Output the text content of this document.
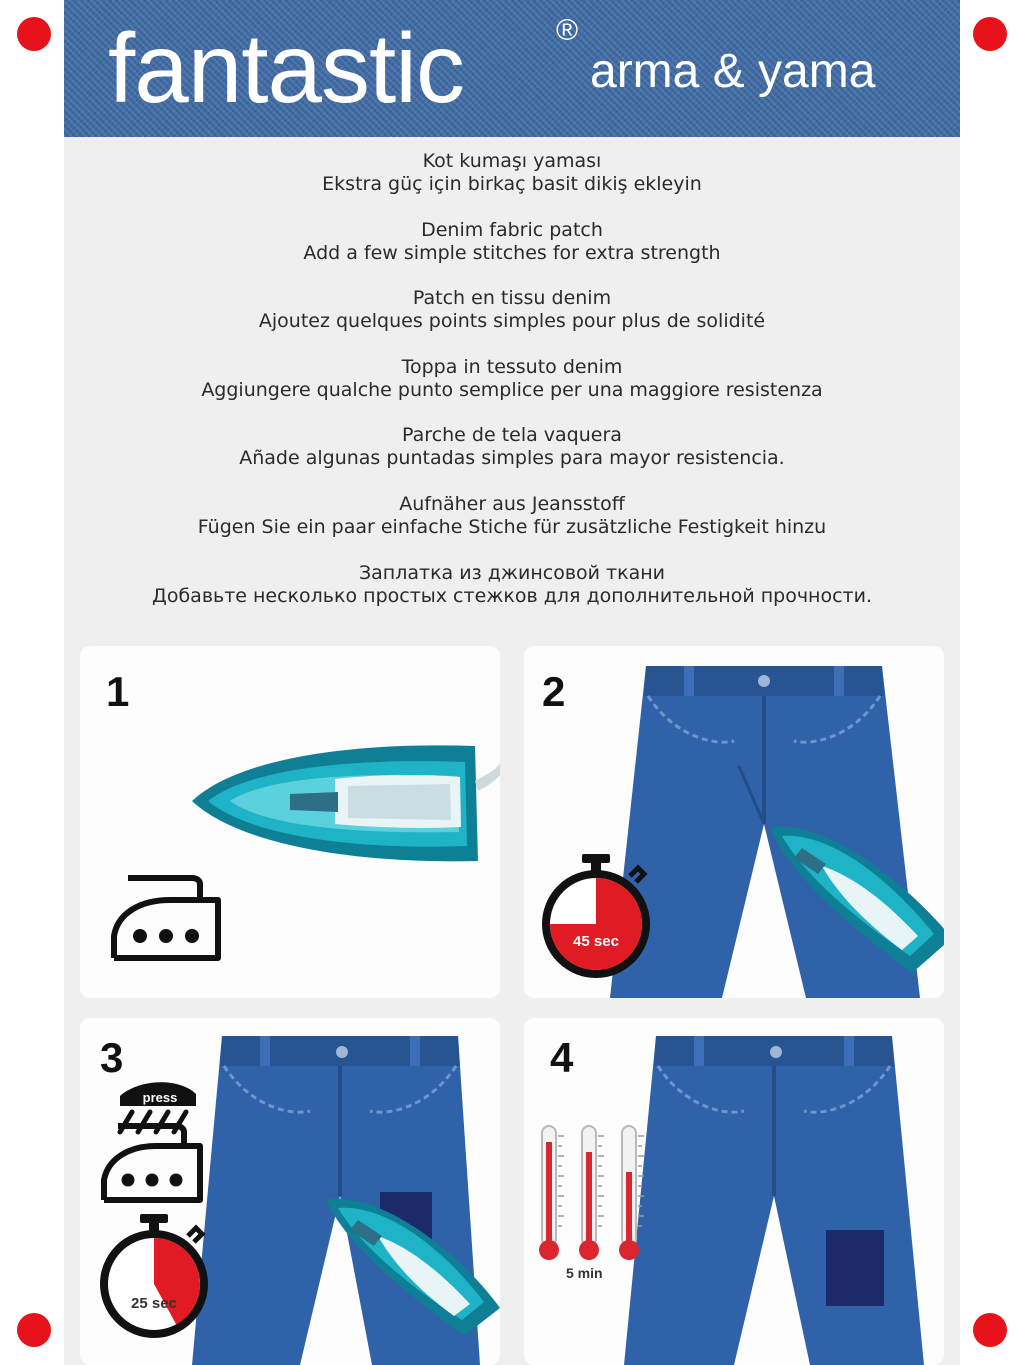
fantastic	®
arma & yama
Kot kumaşı yaması
Ekstra güç için birkaç basit dikiş ekleyin
Denim fabric patch
Add a few simple stitches for extra strength
Patch en tissu denim
Ajoutez quelques points simples pour plus de solidité
Toppa in tessuto denim
Aggiungere qualche punto semplice per una maggiore resistenza
Parche de tela vaquera
Añade algunas puntadas simples para mayor resistencia.
Aufnäher aus Jeansstoff
Fügen Sie ein paar einfache Stiche für zusätzliche Festigkeit hinzu
Заплатка из джинсовой ткани
Добавьте несколько простых стежков для дополнительной прочности.
1	2
45 sec
3
press
25 sec
4
5 min
